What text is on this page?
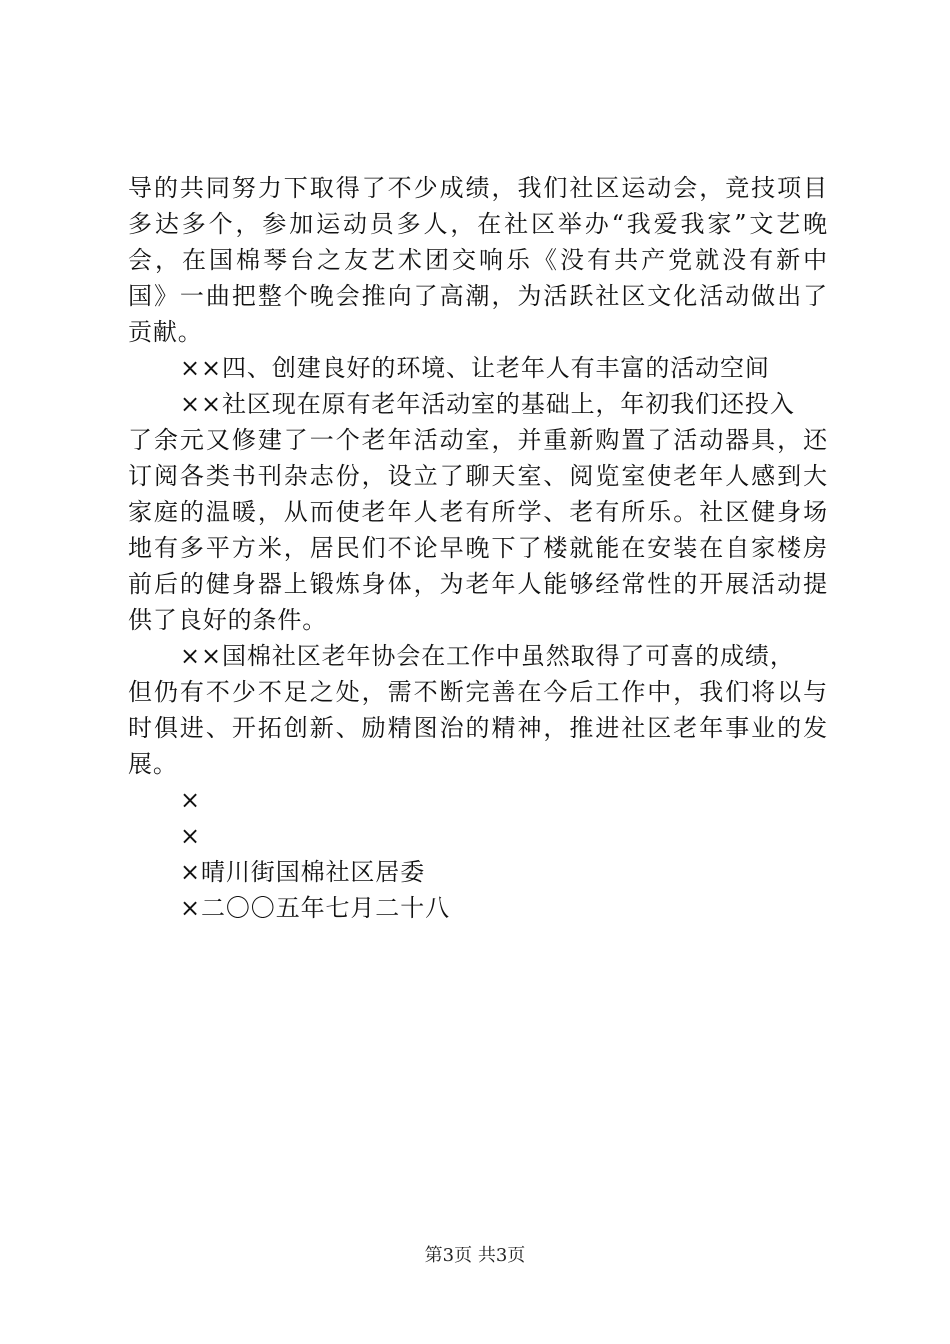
导的共同努力下取得了不少成绩，我们社区运动会，竞技项目
多达多个，参加运动员多人，在社区举办“我爱我家”文艺晚
会，在国棉琴台之友艺术团交响乐《没有共产党就没有新中
国》一曲把整个晚会推向了高潮，为活跃社区文化活动做出了
贡献。
××四、创建良好的环境、让老年人有丰富的活动空间
××社区现在原有老年活动室的基础上，年初我们还投入
了余元又修建了一个老年活动室，并重新购置了活动器具，还
订阅各类书刊杂志份，设立了聊天室、阅览室使老年人感到大
家庭的温暖，从而使老年人老有所学、老有所乐。社区健身场
地有多平方米，居民们不论早晚下了楼就能在安装在自家楼房
前后的健身器上锻炼身体，为老年人能够经常性的开展活动提
供了良好的条件。
××国棉社区老年协会在工作中虽然取得了可喜的成绩，
但仍有不少不足之处，需不断完善在今后工作中，我们将以与
时俱进、开拓创新、励精图治的精神，推进社区老年事业的发
展。
×
×
×晴川街国棉社区居委
×二〇〇五年七月二十八
第3页 共3页
